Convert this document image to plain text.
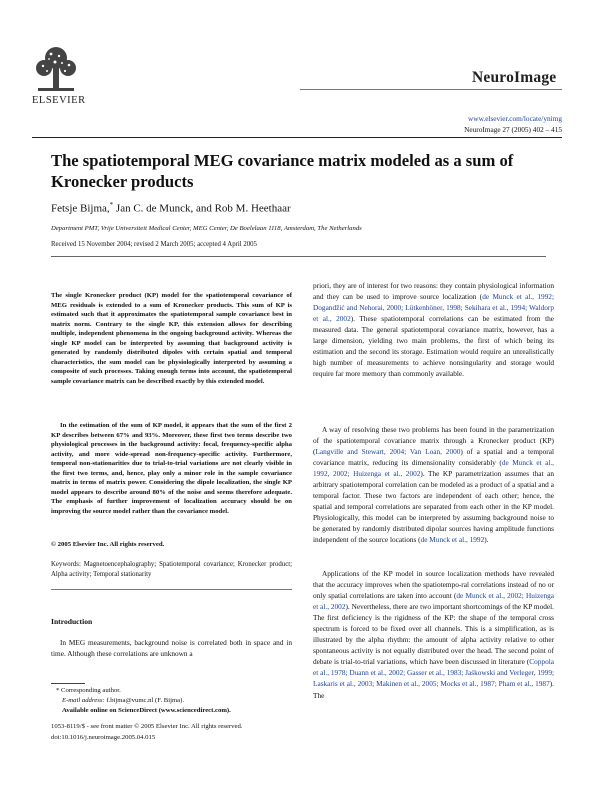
ELSEVIER
NeuroImage
www.elsevier.com/locate/ynimg
NeuroImage 27 (2005) 402 – 415
The spatiotemporal MEG covariance matrix modeled as a sum of Kronecker products
Fetsje Bijma,* Jan C. de Munck, and Rob M. Heethaar
Department PMT, Vrije Universiteit Medical Center, MEG Center, De Boelelaan 1118, Amsterdam, The Netherlands
Received 15 November 2004; revised 2 March 2005; accepted 4 April 2005
The single Kronecker product (KP) model for the spatiotemporal covariance of MEG residuals is extended to a sum of Kronecker products. This sum of KP is estimated such that it approximates the spatiotemporal sample covariance best in matrix norm. Contrary to the single KP, this extension allows for describing multiple, independent phenomena in the ongoing background activity. Whereas the single KP model can be interpreted by assuming that background activity is generated by randomly distributed dipoles with certain spatial and temporal characteristics, the sum model can be physiologically interpreted by assuming a composite of such processes. Taking enough terms into account, the spatiotemporal sample covariance matrix can be described exactly by this extended model.
In the estimation of the sum of KP model, it appears that the sum of the first 2 KP describes between 67% and 93%. Moreover, these first two terms describe two physiological processes in the background activity: focal, frequency-specific alpha activity, and more wide-spread non-frequency-specific activity. Furthermore, temporal non-stationarities due to trial-to-trial variations are not clearly visible in the first two terms, and, hence, play only a minor role in the sample covariance matrix in terms of matrix power. Considering the dipole localization, the single KP model appears to describe around 80% of the noise and seems therefore adequate. The emphasis of further improvement of localization accuracy should be on improving the source model rather than the covariance model.
© 2005 Elsevier Inc. All rights reserved.
Keywords: Magnetoencephalography; Spatiotemporal covariance; Kronecker product; Alpha activity; Temporal stationarity
Introduction
In MEG measurements, background noise is correlated both in space and in time. Although these correlations are unknown a
* Corresponding author.
E-mail address: f.bijma@vumc.nl (F. Bijma).
Available online on ScienceDirect (www.sciencedirect.com).
1053-8119/$ - see front matter © 2005 Elsevier Inc. All rights reserved.
doi:10.1016/j.neuroimage.2005.04.015
priori, they are of interest for two reasons: they contain physiological information and they can be used to improve source localization (de Munck et al., 1992; Dogandžić and Nehorai, 2000; Lütkenhöner, 1998; Sekihara et al., 1994; Waldorp et al., 2002). These spatiotemporal correlations can be estimated from the measured data. The general spatiotemporal covariance matrix, however, has a large dimension, yielding two main problems, the first of which being its estimation and the second its storage. Estimation would require an unrealistically high number of measurements to achieve nonsingularity and storage would require far more memory than commonly available.
A way of resolving these two problems has been found in the parametrization of the spatiotemporal covariance matrix through a Kronecker product (KP) (Langville and Stewart, 2004; Van Loan, 2000) of a spatial and a temporal covariance matrix, reducing its dimensionality considerably (de Munck et al., 1992, 2002; Huizenga et al., 2002). The KP parametrization assumes that an arbitrary spatiotemporal correlation can be modeled as a product of a spatial and a temporal factor. These two factors are independent of each other; hence, the spatial and temporal correlations are separated from each other in the KP model. Physiologically, this model can be interpreted by assuming background noise to be generated by randomly distributed dipolar sources having amplitude functions independent of the source locations (de Munck et al., 1992).
Applications of the KP model in source localization methods have revealed that the accuracy improves when the spatiotempo-ral correlations instead of no or only spatial correlations are taken into account (de Munck et al., 2002; Huizenga et al., 2002). Nevertheless, there are two important shortcomings of the KP model. The first deficiency is the rigidness of the KP: the shape of the temporal cross spectrum is forced to be fixed over all channels. This is a simplification, as is illustrated by the alpha rhythm: the amount of alpha activity relative to other spontaneous activity is not equally distributed over the head. The second point of debate is trial-to-trial variations, which have been discussed in literature (Coppola et al., 1978; Duann et al., 2002; Gasser et al., 1983; Jaśkowski and Verleger, 1999; Laskaris et al., 2003; Makinen et al., 2005; Mocks et al., 1987; Pham et al., 1987). The
